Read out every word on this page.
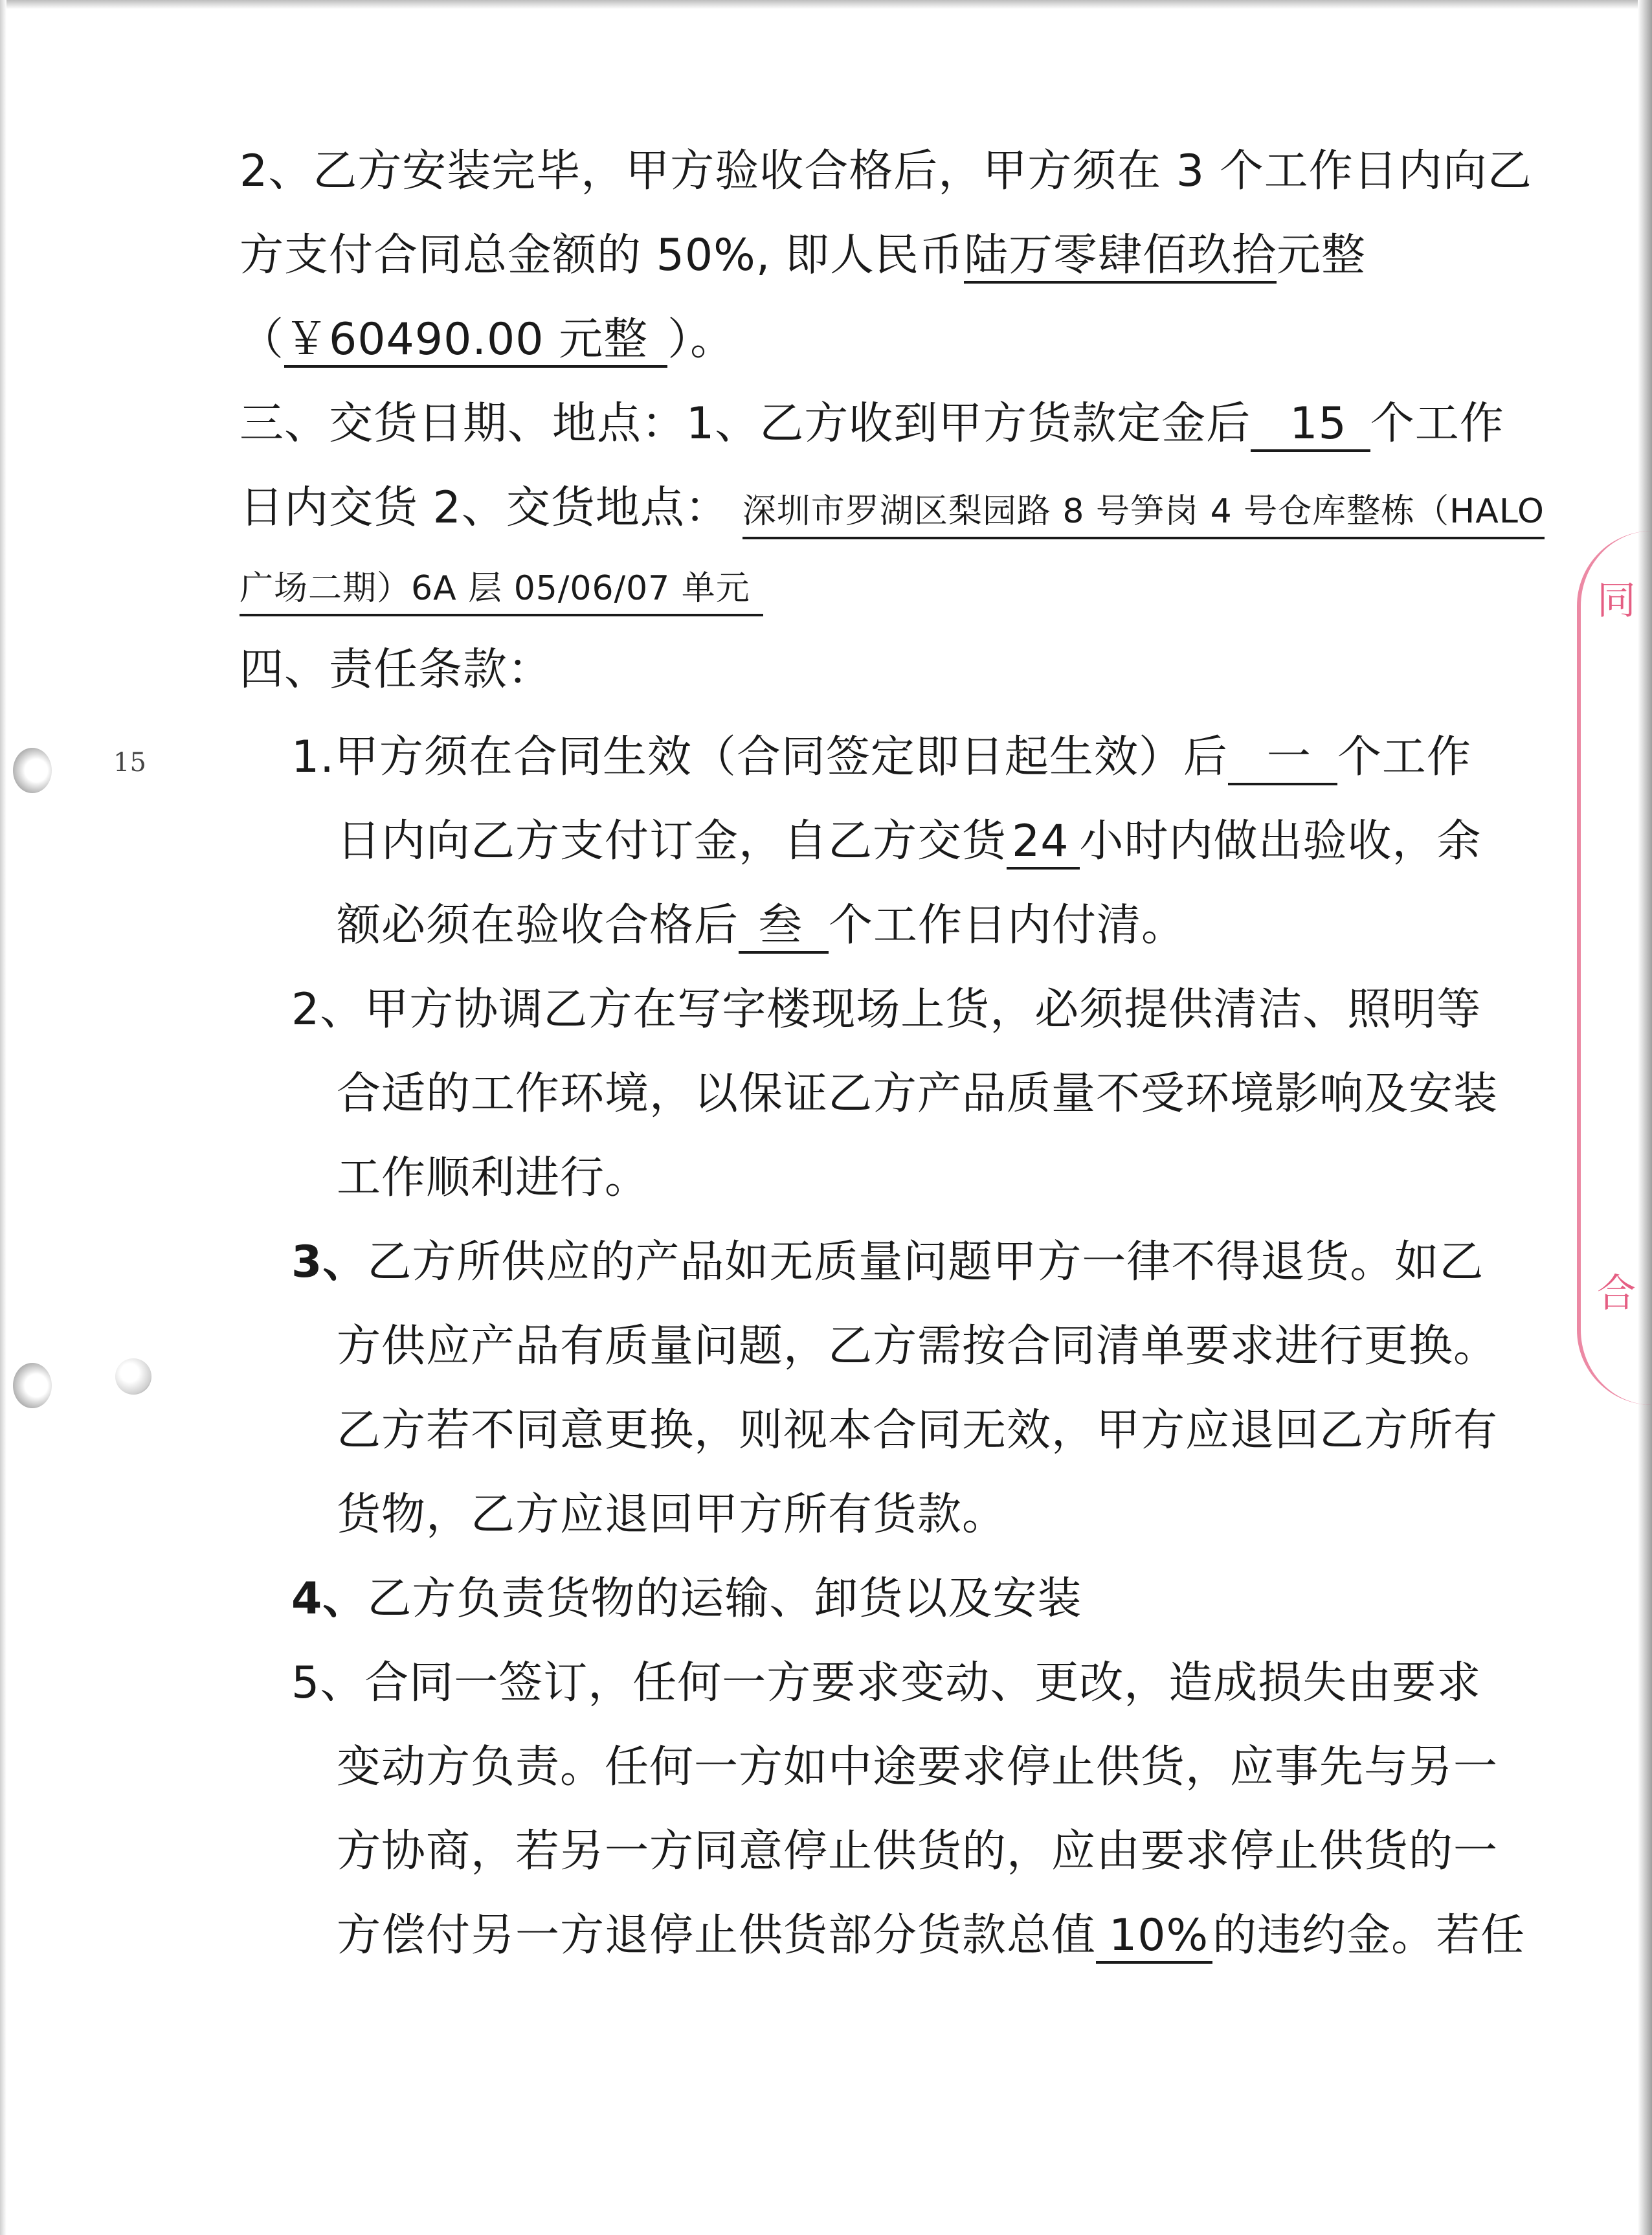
15
同
合
2、乙方安装完毕，甲方验收合格后，甲方须在 3 个工作日内向乙
方支付合同总金额的 50%, 即人民币陆万零肆佰玖拾元整
（￥60490.00 元整 ）。
三、交货日期、地点：1、乙方收到甲方货款定金后 15 个工作
日内交货 2、交货地点： 深圳市罗湖区梨园路 8 号笋岗 4 号仓库整栋（HALO
广场二期）6A 层 05/06/07 单元
四、责任条款：
1.甲方须在合同生效（合同签定即日起生效）后 一 个工作
日内向乙方支付订金，自乙方交货 24 小时内做出验收，余
额必须在验收合格后 叁 个工作日内付清。
2、甲方协调乙方在写字楼现场上货，必须提供清洁、照明等
合适的工作环境，以保证乙方产品质量不受环境影响及安装
工作顺利进行。
3、乙方所供应的产品如无质量问题甲方一律不得退货。如乙
方供应产品有质量问题，乙方需按合同清单要求进行更换。
乙方若不同意更换，则视本合同无效，甲方应退回乙方所有
货物，乙方应退回甲方所有货款。
4、乙方负责货物的运输、卸货以及安装
5、合同一签订，任何一方要求变动、更改，造成损失由要求
变动方负责。任何一方如中途要求停止供货，应事先与另一
方协商，若另一方同意停止供货的，应由要求停止供货的一
方偿付另一方退停止供货部分货款总值 10%的违约金。若任
